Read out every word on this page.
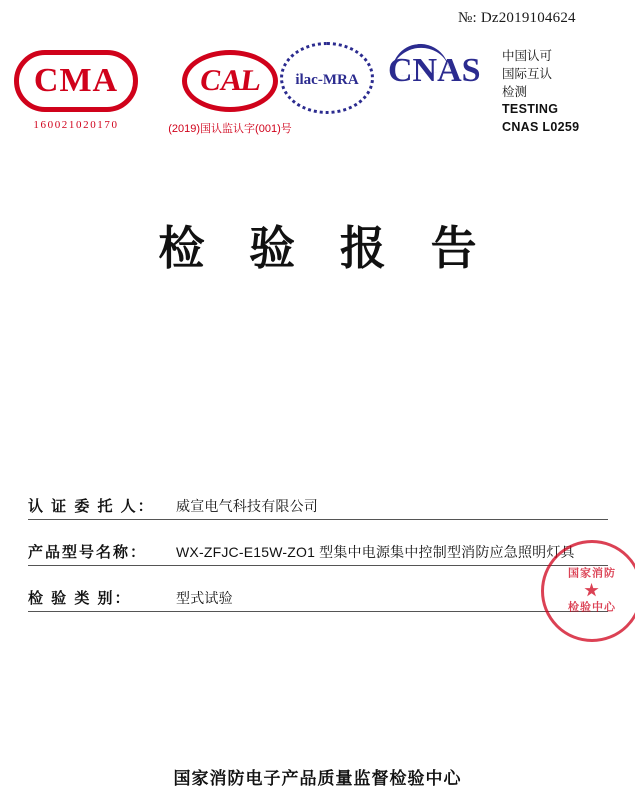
№: Dz2019104624
CMA
160021020170
CAL
(2019)国认监认字(001)号
ilac-MRA CNAS	中国认可
国际互认
检测
TESTING
CNAS L0259
检 验 报 告
认 证 委 托 人： 威宣电气科技有限公司
产品型号名称： WX-ZFJC-E15W-ZO1 型集中电源集中控制型消防应急照明灯具
检 验 类 别：	型式试验
国家消防
★
检验中心
国家消防电子产品质量监督检验中心
